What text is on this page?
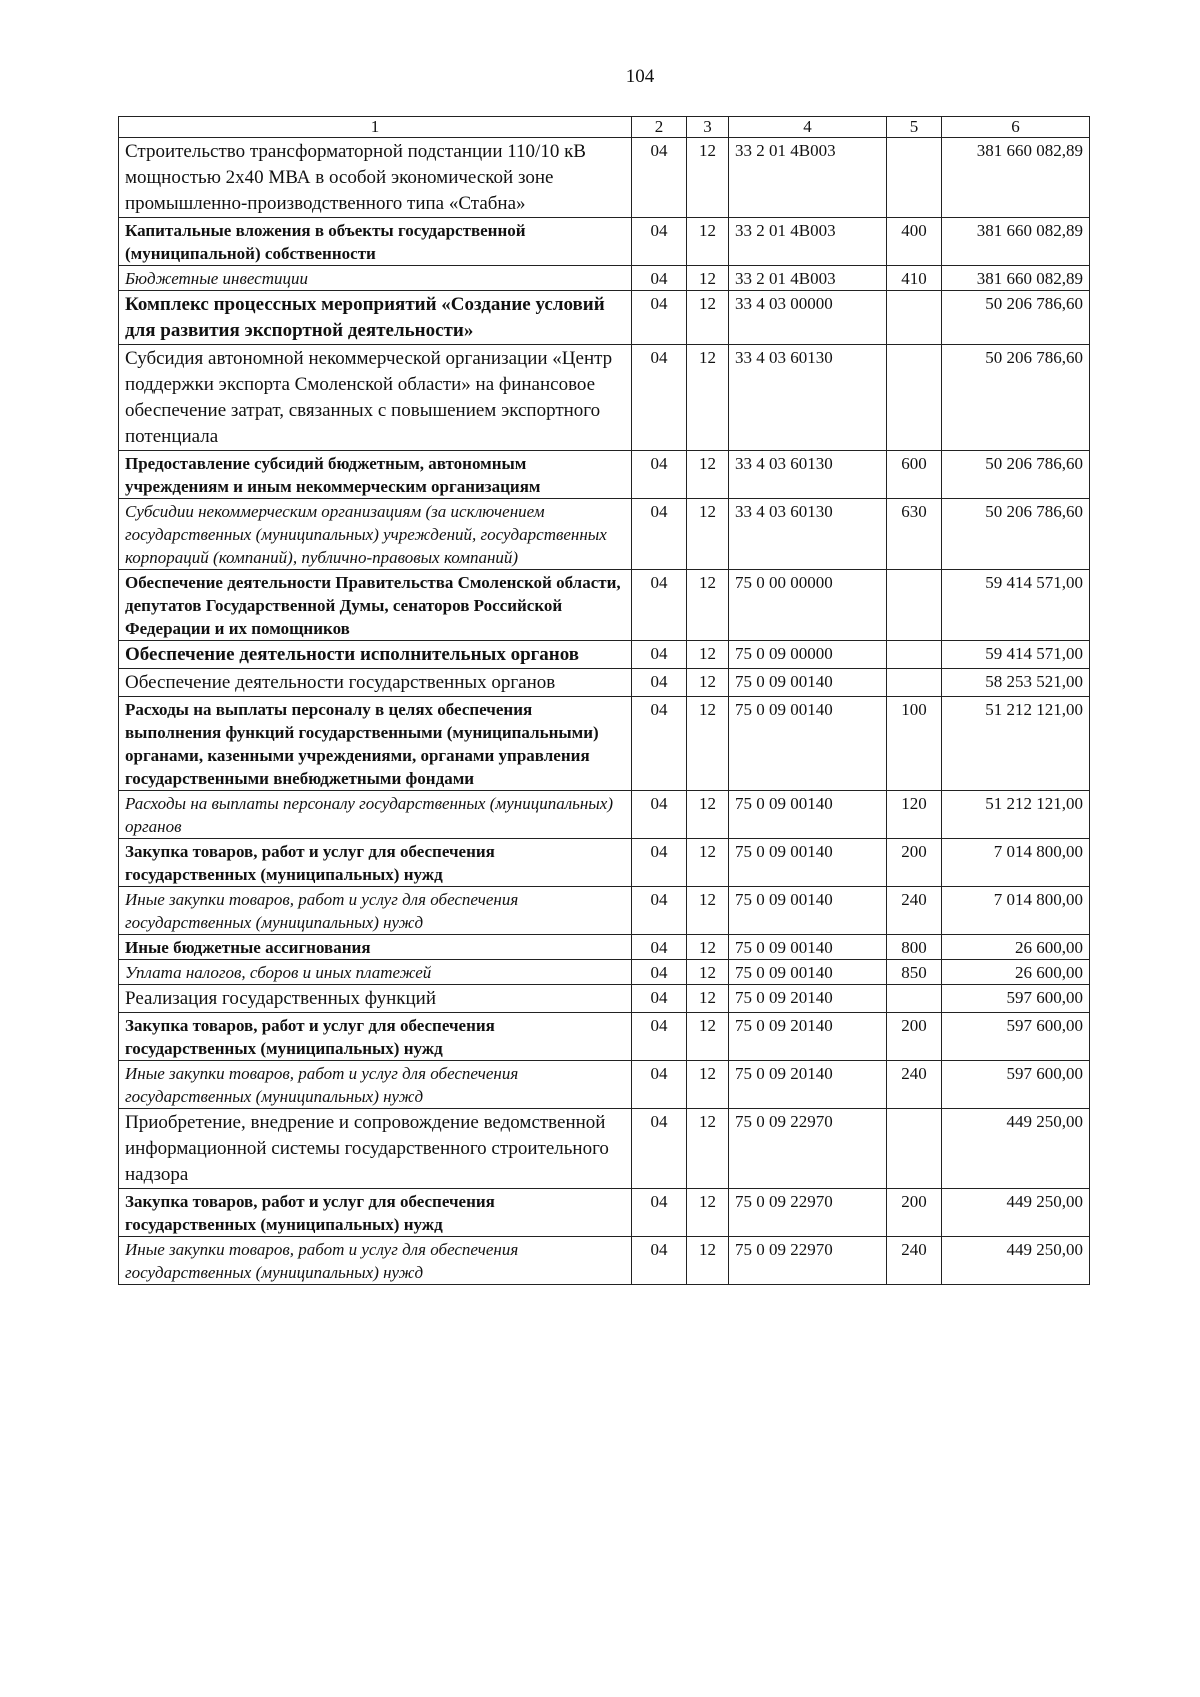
104
1	2	3	4	5	6
Строительство трансформаторной подстанции 110/10 кВ мощностью 2х40 МВА в особой экономической зоне промышленно-производственного типа «Стабна»	04	12	33 2 01 4В003		381 660 082,89
Капитальные вложения в объекты государственной (муниципальной) собственности	04	12	33 2 01 4В003	400	381 660 082,89
Бюджетные инвестиции	04	12	33 2 01 4В003	410	381 660 082,89
Комплекс процессных мероприятий «Создание условий для развития экспортной деятельности»	04	12	33 4 03 00000		50 206 786,60
Субсидия автономной некоммерческой организации «Центр поддержки экспорта Смоленской области» на финансовое обеспечение затрат, связанных с повышением экспортного потенциала	04	12	33 4 03 60130		50 206 786,60
Предоставление субсидий бюджетным, автономным учреждениям и иным некоммерческим организациям	04	12	33 4 03 60130	600	50 206 786,60
Субсидии некоммерческим организациям (за исключением государственных (муниципальных) учреждений, государственных корпораций (компаний), публично-правовых компаний)	04	12	33 4 03 60130	630	50 206 786,60
Обеспечение деятельности Правительства Смоленской области, депутатов Государственной Думы, сенаторов Российской Федерации и их помощников	04	12	75 0 00 00000		59 414 571,00
Обеспечение деятельности исполнительных органов	04	12	75 0 09 00000		59 414 571,00
Обеспечение деятельности государственных органов	04	12	75 0 09 00140		58 253 521,00
Расходы на выплаты персоналу в целях обеспечения выполнения функций государственными (муниципальными) органами, казенными учреждениями, органами управления государственными внебюджетными фондами	04	12	75 0 09 00140	100	51 212 121,00
Расходы на выплаты персоналу государственных (муниципальных) органов	04	12	75 0 09 00140	120	51 212 121,00
Закупка товаров, работ и услуг для обеспечения государственных (муниципальных) нужд	04	12	75 0 09 00140	200	7 014 800,00
Иные закупки товаров, работ и услуг для обеспечения государственных (муниципальных) нужд	04	12	75 0 09 00140	240	7 014 800,00
Иные бюджетные ассигнования	04	12	75 0 09 00140	800	26 600,00
Уплата налогов, сборов и иных платежей	04	12	75 0 09 00140	850	26 600,00
Реализация государственных функций	04	12	75 0 09 20140		597 600,00
Закупка товаров, работ и услуг для обеспечения государственных (муниципальных) нужд	04	12	75 0 09 20140	200	597 600,00
Иные закупки товаров, работ и услуг для обеспечения государственных (муниципальных) нужд	04	12	75 0 09 20140	240	597 600,00
Приобретение, внедрение и сопровождение ведомственной информационной системы государственного строительного надзора	04	12	75 0 09 22970		449 250,00
Закупка товаров, работ и услуг для обеспечения государственных (муниципальных) нужд	04	12	75 0 09 22970	200	449 250,00
Иные закупки товаров, работ и услуг для обеспечения государственных (муниципальных) нужд	04	12	75 0 09 22970	240	449 250,00
